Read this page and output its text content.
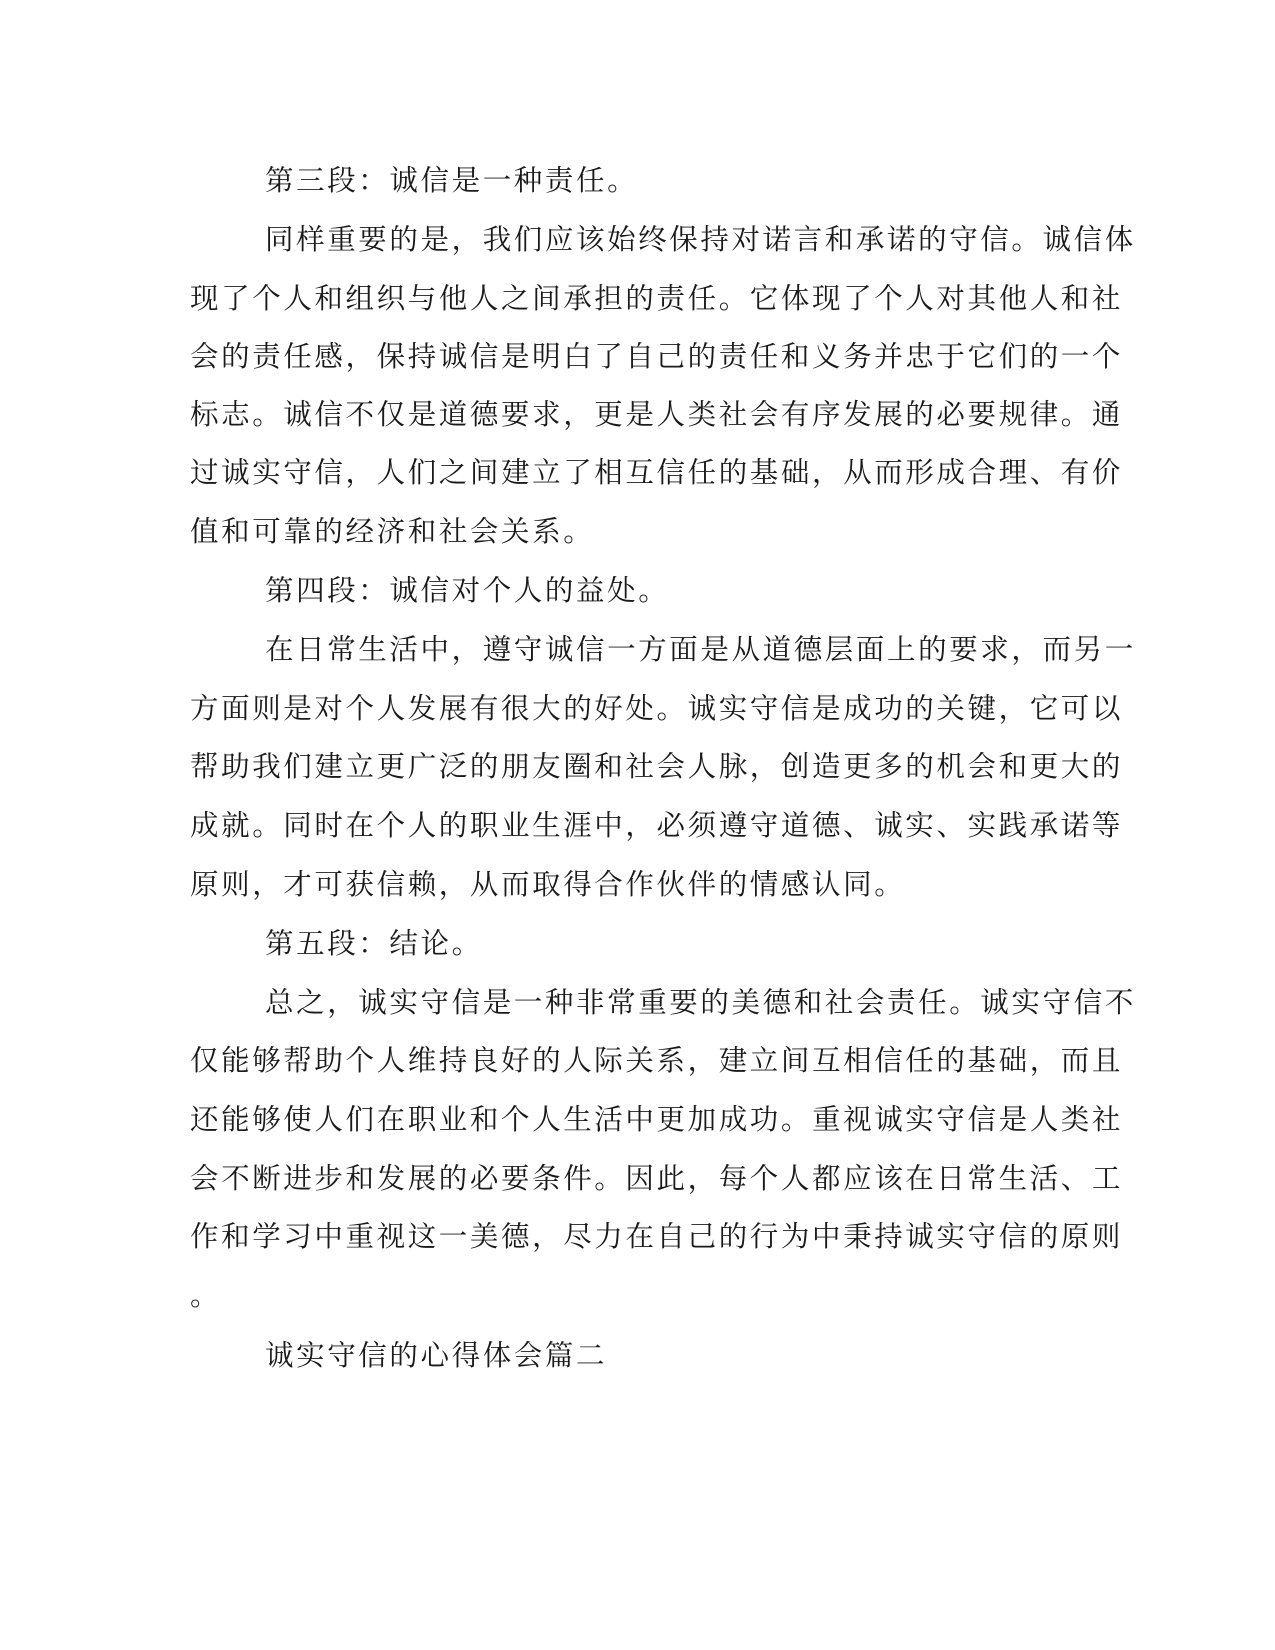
第三段：诚信是一种责任。
同样重要的是，我们应该始终保持对诺言和承诺的守信。诚信体
现了个人和组织与他人之间承担的责任。它体现了个人对其他人和社
会的责任感，保持诚信是明白了自己的责任和义务并忠于它们的一个
标志。诚信不仅是道德要求，更是人类社会有序发展的必要规律。通
过诚实守信，人们之间建立了相互信任的基础，从而形成合理、有价
值和可靠的经济和社会关系。
第四段：诚信对个人的益处。
在日常生活中，遵守诚信一方面是从道德层面上的要求，而另一
方面则是对个人发展有很大的好处。诚实守信是成功的关键，它可以
帮助我们建立更广泛的朋友圈和社会人脉，创造更多的机会和更大的
成就。同时在个人的职业生涯中，必须遵守道德、诚实、实践承诺等
原则，才可获信赖，从而取得合作伙伴的情感认同。
第五段：结论。
总之，诚实守信是一种非常重要的美德和社会责任。诚实守信不
仅能够帮助个人维持良好的人际关系，建立间互相信任的基础，而且
还能够使人们在职业和个人生活中更加成功。重视诚实守信是人类社
会不断进步和发展的必要条件。因此，每个人都应该在日常生活、工
作和学习中重视这一美德，尽力在自己的行为中秉持诚实守信的原则
。
诚实守信的心得体会篇二
